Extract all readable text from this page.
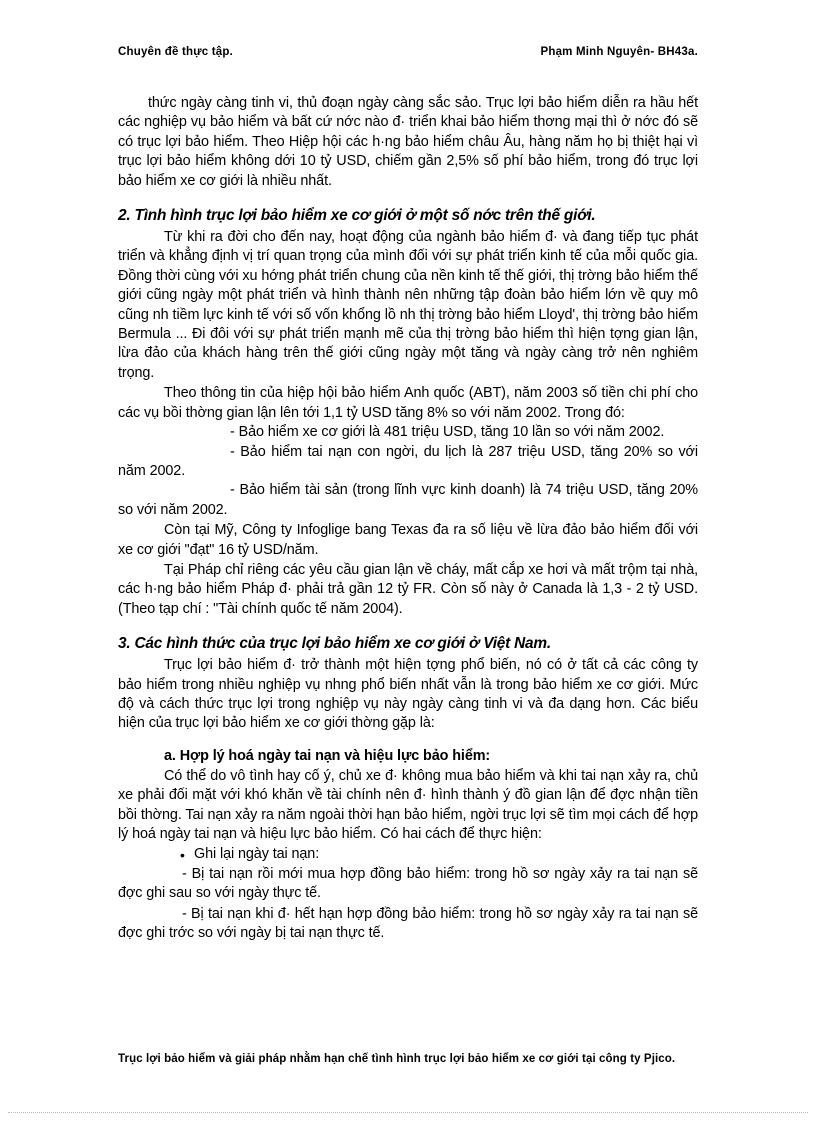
Chuyên đề thực tập.	Phạm Minh Nguyên- BH43a.

thức ngày càng tinh vi, thủ đoạn ngày càng sắc sảo. Trục lợi bảo hiểm diễn ra hầu hết các nghiệp vụ bảo hiểm và bất cứ nớc nào đ· triển khai bảo hiểm thơng mại thì ở nớc đó sẽ có trục lợi bảo hiểm. Theo Hiệp hội các h·ng bảo hiểm châu Âu, hàng năm họ bị thiệt hại vì trục lợi bảo hiểm không dới 10 tỷ USD, chiếm gần 2,5% số phí bảo hiểm, trong đó trục lợi bảo hiểm xe cơ giới là nhiều nhất.

2. Tình hình trục lợi bảo hiểm xe cơ giới ở một số nớc trên thế giới.

Từ khi ra đời cho đến nay, hoạt động của ngành bảo hiểm đ· và đang tiếp tục phát triển và khẳng định vị trí quan trọng của mình đối với sự phát triển kinh tế của mỗi quốc gia. Đồng thời cùng với xu hớng phát triển chung của nền kinh tế thế giới, thị trờng bảo hiểm thế giới cũng ngày một phát triển và hình thành nên những tập đoàn bảo hiểm lớn về quy mô cũng nh tiềm lực kinh tế với số vốn khổng lồ nh thị trờng bảo hiểm Lloyd', thị trờng bảo hiểm Bermula ... Đi đôi với sự phát triển mạnh mẽ của thị trờng bảo hiểm thì hiện tợng gian lận, lừa đảo của khách hàng trên thế giới cũng ngày một tăng và ngày càng trở nên nghiêm trọng.

Theo thông tin của hiệp hội bảo hiểm Anh quốc (ABT), năm 2003 số tiền chi phí cho các vụ bồi thờng gian lận lên tới 1,1 tỷ USD tăng 8% so với năm 2002. Trong đó:

- Bảo hiểm xe cơ giới là 481 triệu USD, tăng 10 lần so với năm 2002.

- Bảo hiểm tai nạn con ngời, du lịch là 287 triệu USD, tăng 20% so với năm 2002.

- Bảo hiểm tài sản (trong lĩnh vực kinh doanh) là 74 triệu USD, tăng 20% so với năm 2002.

Còn tại Mỹ, Công ty Infoglige bang Texas đa ra số liệu về lừa đảo bảo hiểm đối với xe cơ giới "đạt" 16 tỷ USD/năm.

Tại Pháp chỉ riêng các yêu cầu gian lận về cháy, mất cắp xe hơi và mất trộm tại nhà, các h·ng bảo hiểm Pháp đ· phải trả gần 12 tỷ FR. Còn số này ở Canada là 1,3 - 2 tỷ USD. (Theo tạp chí : "Tài chính quốc tế năm 2004).

3. Các hình thức của trục lợi bảo hiểm xe cơ giới ở Việt Nam.

Trục lợi bảo hiểm đ· trở thành một hiện tợng phổ biến, nó có ở tất cả các công ty bảo hiểm trong nhiều nghiệp vụ nhng phổ biến nhất vẫn là trong bảo hiểm xe cơ giới. Mức độ và cách thức trục lợi trong nghiệp vụ này ngày càng tinh vi và đa dạng hơn. Các biểu hiện của trục lợi bảo hiểm xe cơ giới thờng gặp là:

a. Hợp lý hoá ngày tai nạn và hiệu lực bảo hiểm:

Có thể do vô tình hay cố ý, chủ xe đ· không mua bảo hiểm và khi tai nạn xảy ra, chủ xe phải đối mặt với khó khăn về tài chính nên đ· hình thành ý đồ gian lận để đợc nhận tiền bồi thờng. Tai nạn xảy ra năm ngoài thời hạn bảo hiểm, ngời trục lợi sẽ tìm mọi cách để hợp lý hoá ngày tai nạn và hiệu lực bảo hiểm. Có hai cách để thực hiện:

• Ghi lại ngày tai nạn:

- Bị tai nạn rồi mới mua hợp đồng bảo hiểm: trong hồ sơ ngày xảy ra tai nạn sẽ đợc ghi sau so với ngày thực tế.

- Bị tai nạn khi đ· hết hạn hợp đồng bảo hiểm: trong hồ sơ ngày xảy ra tai nạn sẽ đợc ghi trớc so với ngày bị tai nạn thực tế.

Trục lợi bảo hiểm và giải pháp nhằm hạn chế tình hình trục lợi bảo hiểm xe cơ giới tại công ty Pjico.
